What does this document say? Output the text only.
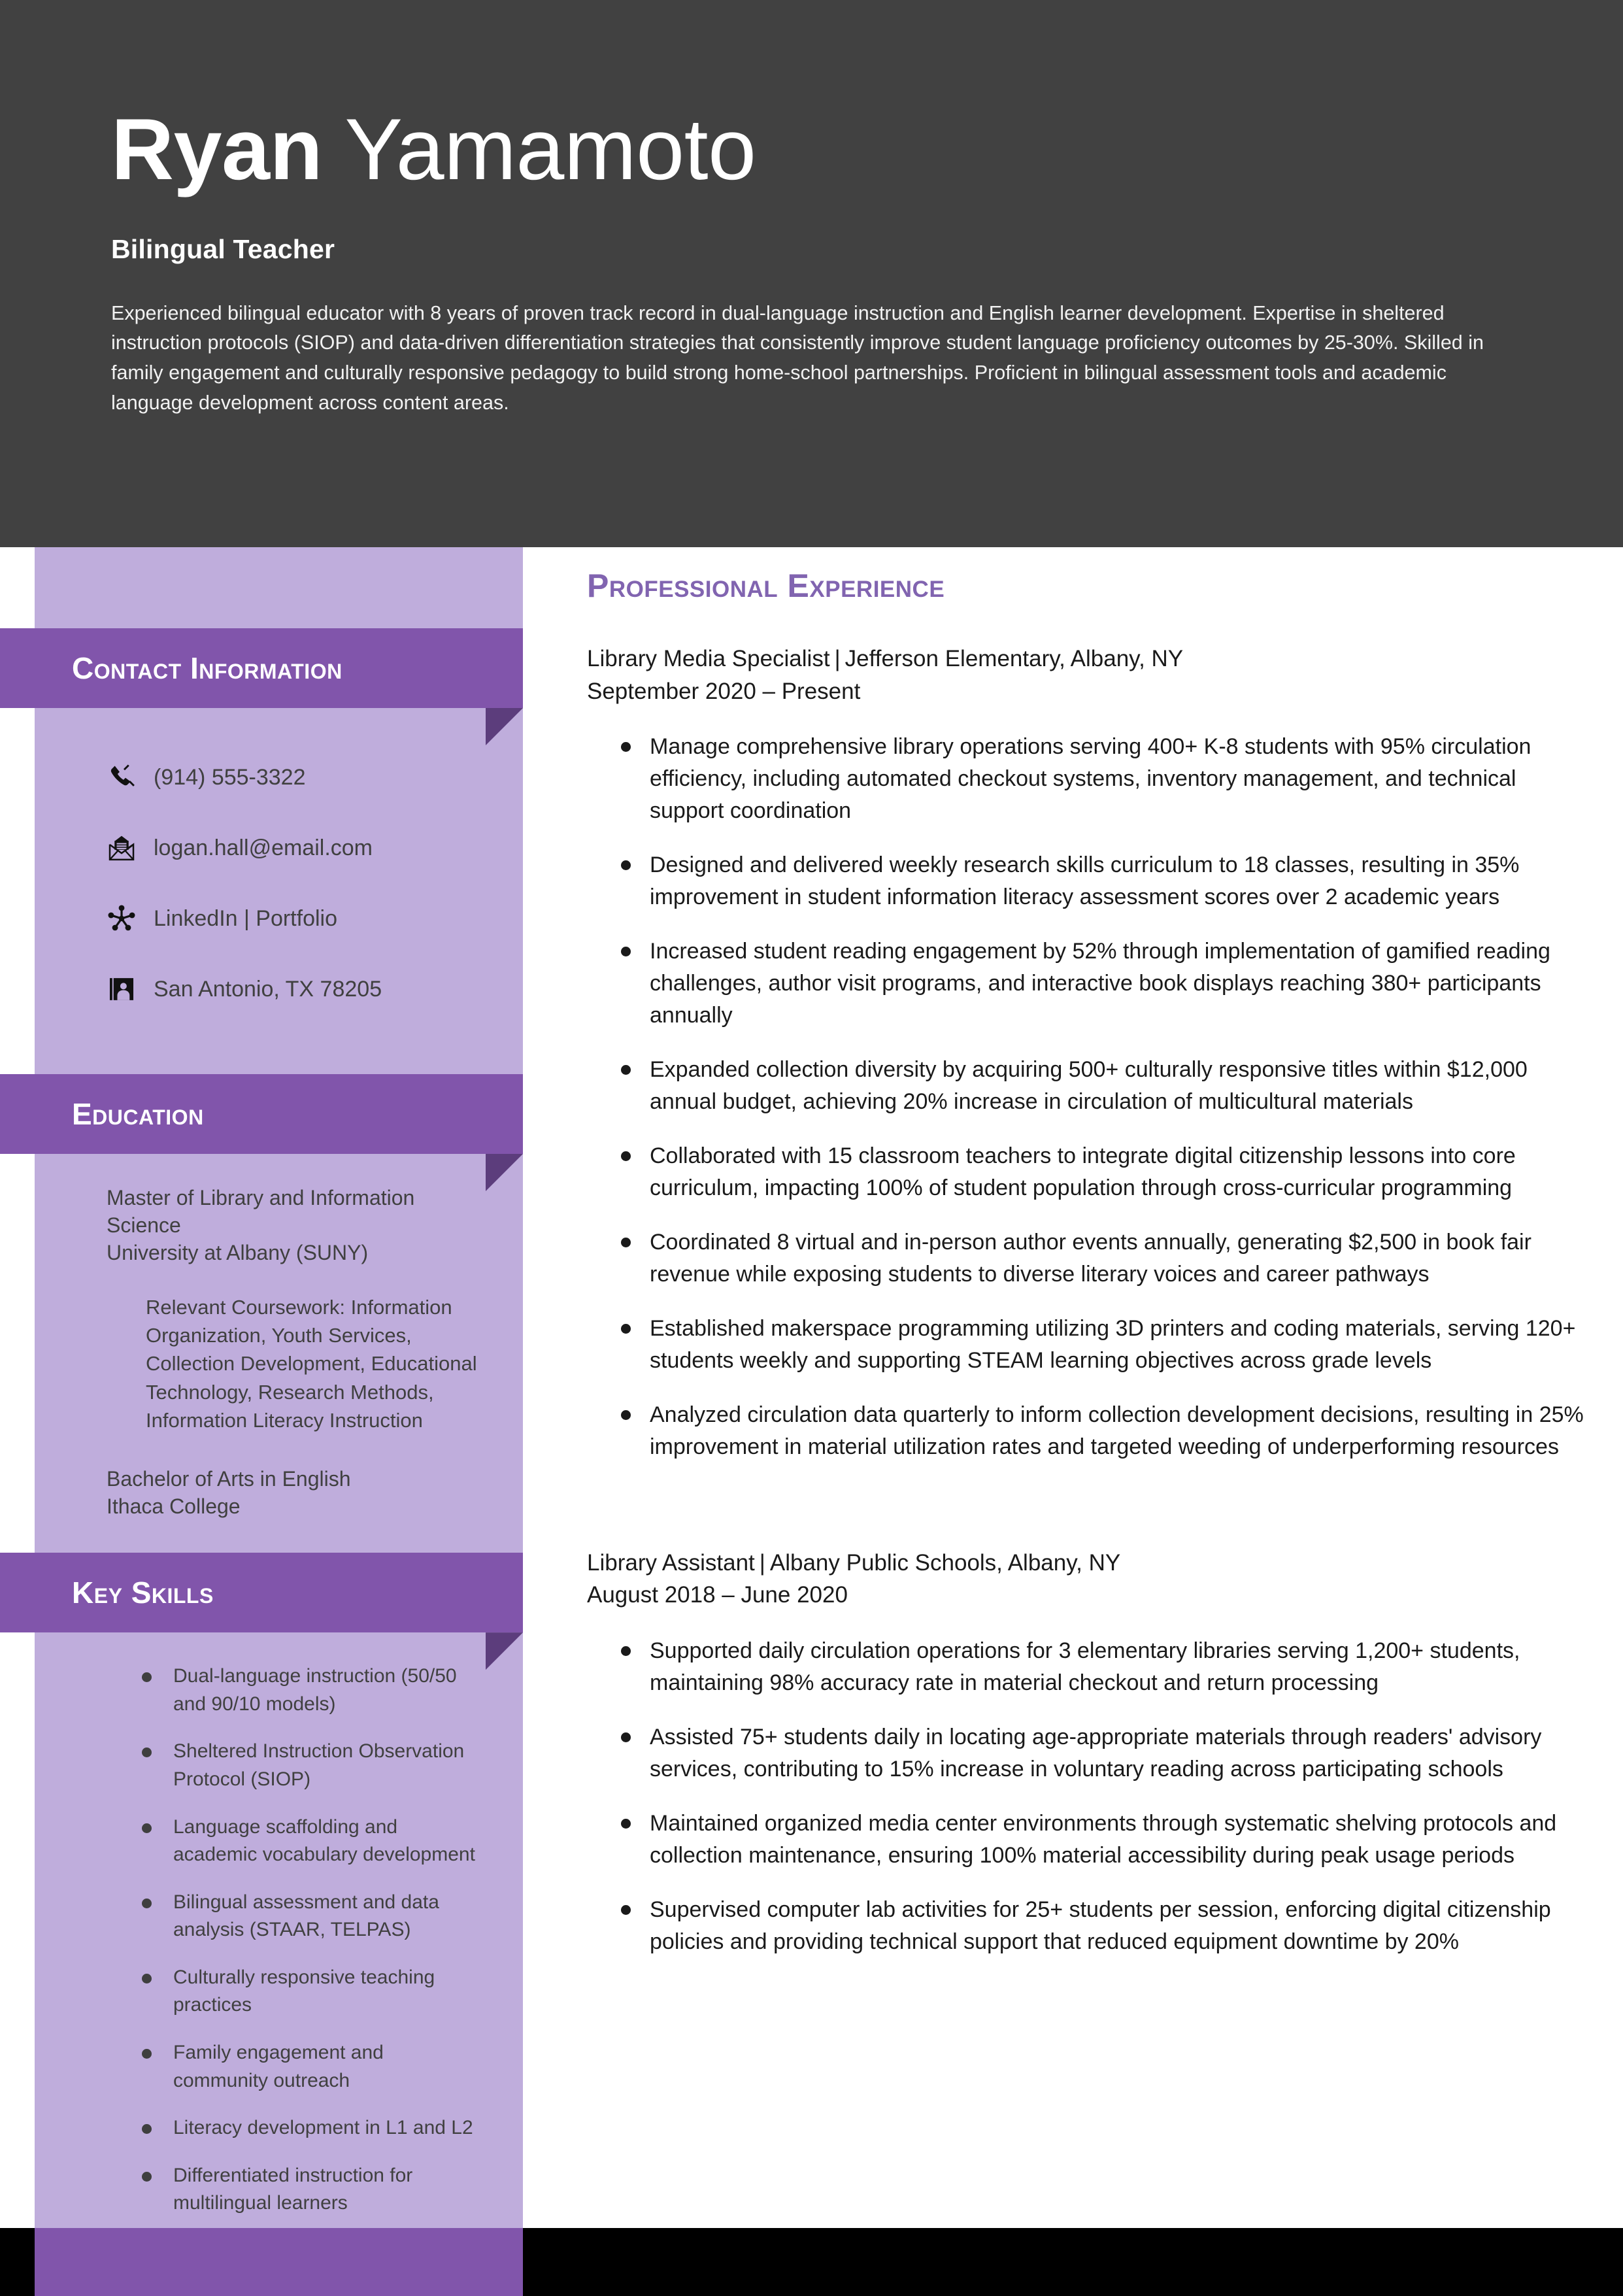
Ryan Yamamoto
Bilingual Teacher
Experienced bilingual educator with 8 years of proven track record in dual-language instruction and English learner development. Expertise in sheltered instruction protocols (SIOP) and data-driven differentiation strategies that consistently improve student language proficiency outcomes by 25-30%. Skilled in family engagement and culturally responsive pedagogy to build strong home-school partnerships. Proficient in bilingual assessment tools and academic language development across content areas.
Contact Information
(914) 555-3322
logan.hall@email.com
LinkedIn | Portfolio
San Antonio, TX 78205
Education
Master of Library and Information Science
University at Albany (SUNY)
Relevant Coursework: Information Organization, Youth Services, Collection Development, Educational Technology, Research Methods, Information Literacy Instruction
Bachelor of Arts in English
Ithaca College
Key Skills
Dual-language instruction (50/50 and 90/10 models)
Sheltered Instruction Observation Protocol (SIOP)
Language scaffolding and academic vocabulary development
Bilingual assessment and data analysis (STAAR, TELPAS)
Culturally responsive teaching practices
Family engagement and community outreach
Literacy development in L1 and L2
Differentiated instruction for multilingual learners
Professional Experience
Library Media Specialist | Jefferson Elementary, Albany, NY
September 2020 – Present
Manage comprehensive library operations serving 400+ K-8 students with 95% circulation efficiency, including automated checkout systems, inventory management, and technical support coordination
Designed and delivered weekly research skills curriculum to 18 classes, resulting in 35% improvement in student information literacy assessment scores over 2 academic years
Increased student reading engagement by 52% through implementation of gamified reading challenges, author visit programs, and interactive book displays reaching 380+ participants annually
Expanded collection diversity by acquiring 500+ culturally responsive titles within $12,000 annual budget, achieving 20% increase in circulation of multicultural materials
Collaborated with 15 classroom teachers to integrate digital citizenship lessons into core curriculum, impacting 100% of student population through cross-curricular programming
Coordinated 8 virtual and in-person author events annually, generating $2,500 in book fair revenue while exposing students to diverse literary voices and career pathways
Established makerspace programming utilizing 3D printers and coding materials, serving 120+ students weekly and supporting STEAM learning objectives across grade levels
Analyzed circulation data quarterly to inform collection development decisions, resulting in 25% improvement in material utilization rates and targeted weeding of underperforming resources
Library Assistant | Albany Public Schools, Albany, NY
August 2018 – June 2020
Supported daily circulation operations for 3 elementary libraries serving 1,200+ students, maintaining 98% accuracy rate in material checkout and return processing
Assisted 75+ students daily in locating age-appropriate materials through readers' advisory services, contributing to 15% increase in voluntary reading across participating schools
Maintained organized media center environments through systematic shelving protocols and collection maintenance, ensuring 100% material accessibility during peak usage periods
Supervised computer lab activities for 25+ students per session, enforcing digital citizenship policies and providing technical support that reduced equipment downtime by 20%
